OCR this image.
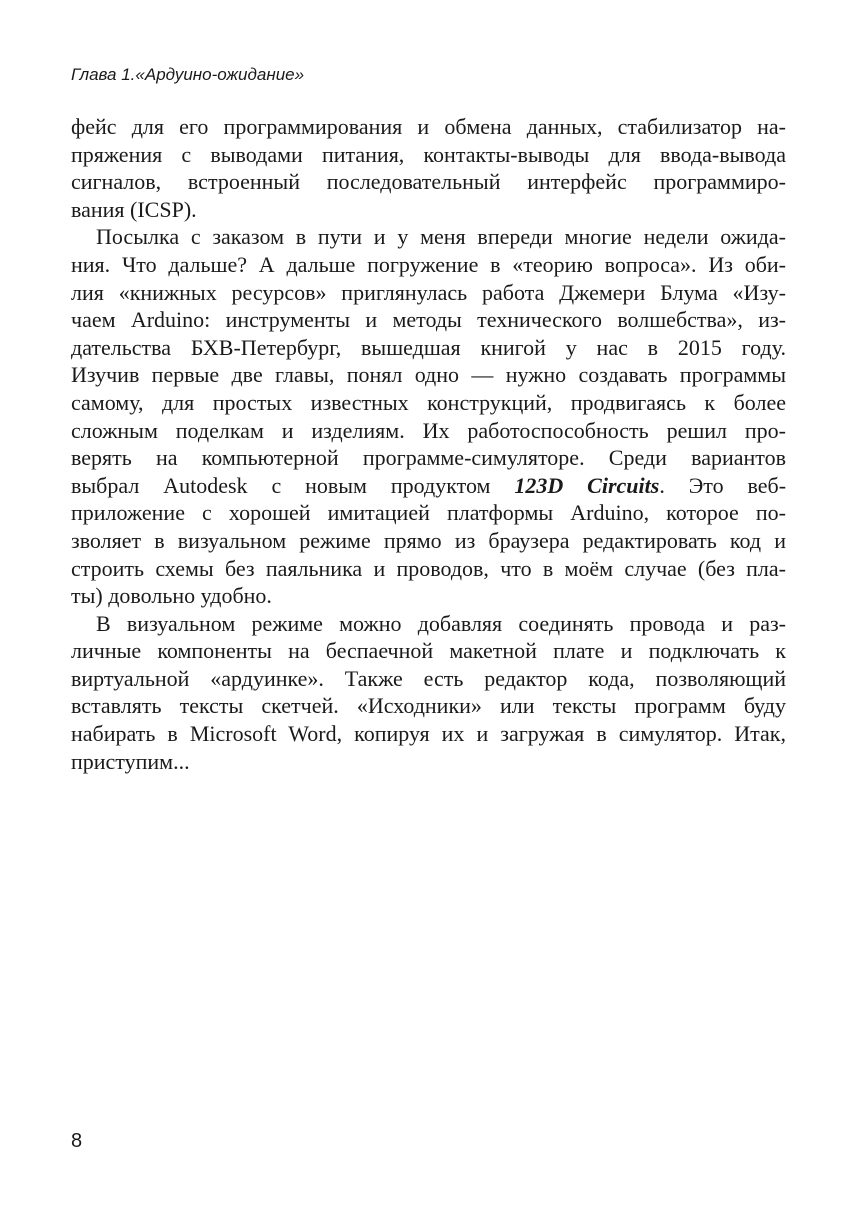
Глава 1.«Ардуино-ожидание»
фейс для его программирования и обмена данных, стабилизатор на-
пряжения с выводами питания, контакты-выводы для ввода-вывода
сигналов, встроенный последовательный интерфейс программиро-
вания (ICSP).
Посылка с заказом в пути и у меня впереди многие недели ожида-
ния. Что дальше? А дальше погружение в «теорию вопроса». Из оби-
лия «книжных ресурсов» приглянулась работа Джемери Блума «Изу-
чаем Arduino: инструменты и методы технического волшебства», из-
дательства БХВ-Петербург, вышедшая книгой у нас в 2015 году.
Изучив первые две главы, понял одно — нужно создавать программы
самому, для простых известных конструкций, продвигаясь к более
сложным поделкам и изделиям. Их работоспособность решил про-
верять на компьютерной программе-симуляторе. Среди вариантов
выбрал Autodesk с новым продуктом 123D Circuits. Это веб-
приложение с хорошей имитацией платформы Arduino, которое по-
зволяет в визуальном режиме прямо из браузера редактировать код и
строить схемы без паяльника и проводов, что в моём случае (без пла-
ты) довольно удобно.
В визуальном режиме можно добавляя соединять провода и раз-
личные компоненты на беспаечной макетной плате и подключать к
виртуальной «ардуинке». Также есть редактор кода, позволяющий
вставлять тексты скетчей. «Исходники» или тексты программ буду
набирать в Microsoft Word, копируя их и загружая в симулятор. Итак,
приступим...
8
